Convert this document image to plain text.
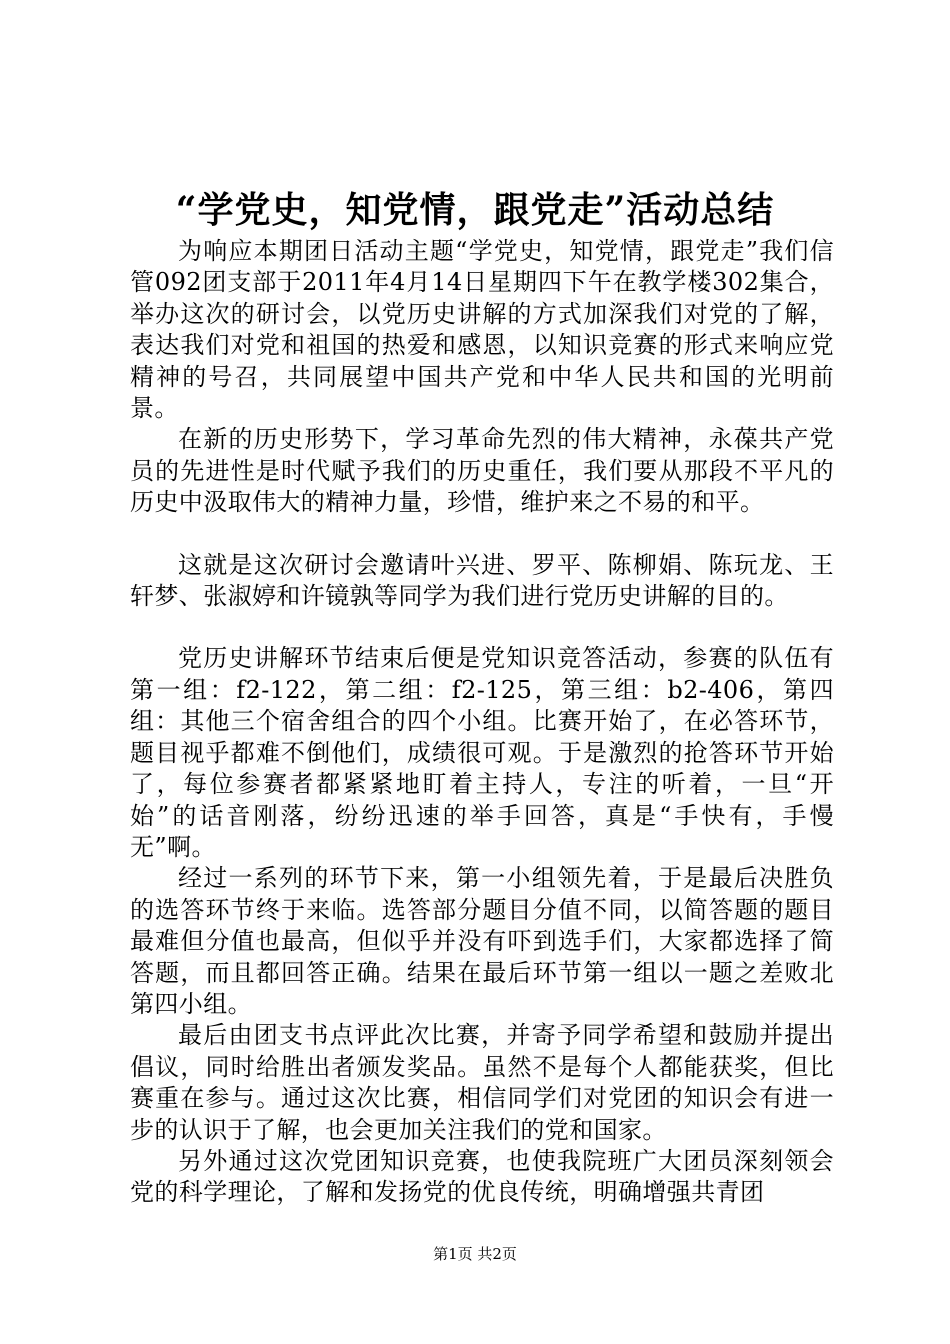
“学党史，知党情，跟党走”活动总结

为响应本期团日活动主题“学党史，知党情，跟党走”我们信管092团支部于2011年4月14日星期四下午在教学楼302集合，举办这次的研讨会，以党历史讲解的方式加深我们对党的了解，表达我们对党和祖国的热爱和感恩，以知识竞赛的形式来响应党精神的号召，共同展望中国共产党和中华人民共和国的光明前景。

在新的历史形势下，学习革命先烈的伟大精神，永葆共产党员的先进性是时代赋予我们的历史重任，我们要从那段不平凡的历史中汲取伟大的精神力量，珍惜，维护来之不易的和平。

这就是这次研讨会邀请叶兴进、罗平、陈柳娟、陈玩龙、王轩梦、张淑婷和许镜孰等同学为我们进行党历史讲解的目的。

党历史讲解环节结束后便是党知识竞答活动，参赛的队伍有第一组：f2-122，第二组：f2-125，第三组：b2-406，第四组：其他三个宿舍组合的四个小组。比赛开始了，在必答环节，题目视乎都难不倒他们，成绩很可观。于是激烈的抢答环节开始了，每位参赛者都紧紧地盯着主持人，专注的听着，一旦“开始”的话音刚落，纷纷迅速的举手回答，真是“手快有，手慢无”啊。

经过一系列的环节下来，第一小组领先着，于是最后决胜负的选答环节终于来临。选答部分题目分值不同，以简答题的题目最难但分值也最高，但似乎并没有吓到选手们，大家都选择了简答题，而且都回答正确。结果在最后环节第一组以一题之差败北第四小组。

最后由团支书点评此次比赛，并寄予同学希望和鼓励并提出倡议，同时给胜出者颁发奖品。虽然不是每个人都能获奖，但比赛重在参与。通过这次比赛，相信同学们对党团的知识会有进一步的认识于了解，也会更加关注我们的党和国家。

另外通过这次党团知识竞赛，也使我院班广大团员深刻领会党的科学理论，了解和发扬党的优良传统，明确增强共青团

第1页 共2页
